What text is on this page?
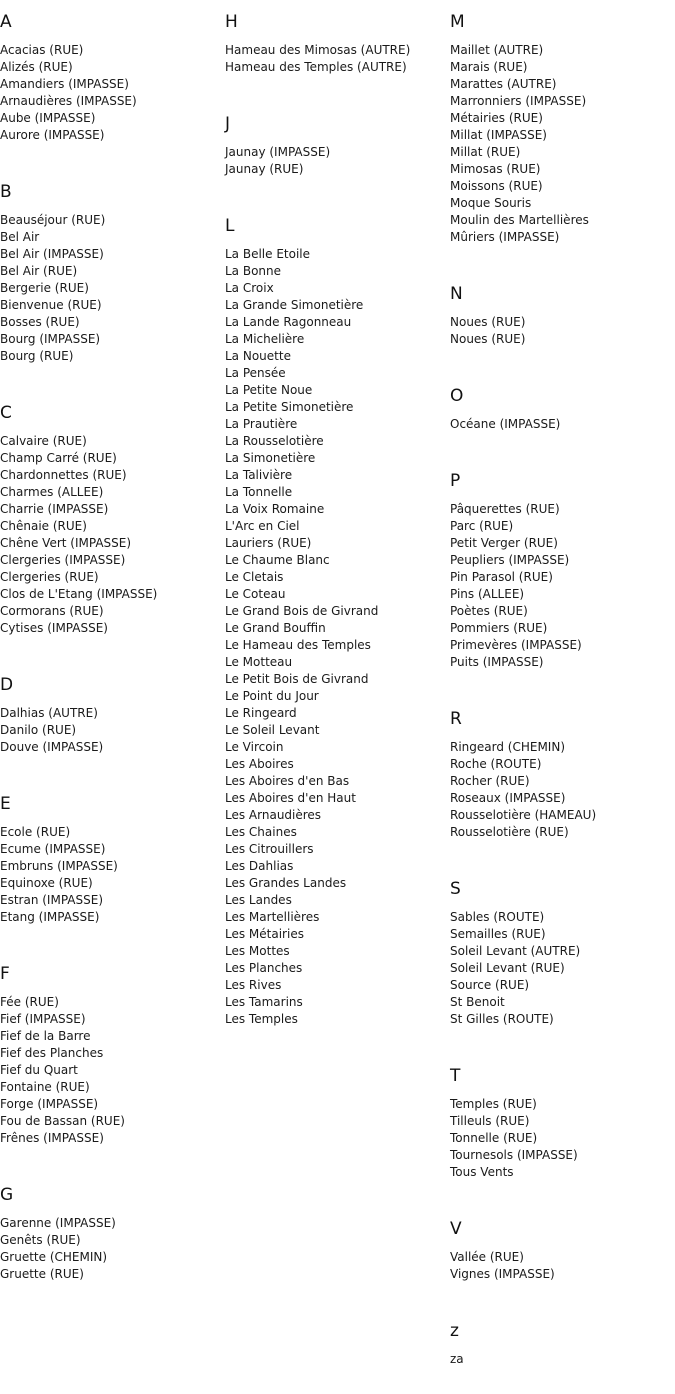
A
Acacias (RUE)
Alizés (RUE)
Amandiers (IMPASSE)
Arnaudières (IMPASSE)
Aube (IMPASSE)
Aurore (IMPASSE)
B
Beauséjour (RUE)
Bel Air
Bel Air (IMPASSE)
Bel Air (RUE)
Bergerie (RUE)
Bienvenue (RUE)
Bosses (RUE)
Bourg (IMPASSE)
Bourg (RUE)
C
Calvaire (RUE)
Champ Carré (RUE)
Chardonnettes (RUE)
Charmes (ALLEE)
Charrie (IMPASSE)
Chênaie (RUE)
Chêne Vert (IMPASSE)
Clergeries (IMPASSE)
Clergeries (RUE)
Clos de L'Etang (IMPASSE)
Cormorans (RUE)
Cytises (IMPASSE)
D
Dalhias (AUTRE)
Danilo (RUE)
Douve (IMPASSE)
E
Ecole (RUE)
Ecume (IMPASSE)
Embruns (IMPASSE)
Equinoxe (RUE)
Estran (IMPASSE)
Etang (IMPASSE)
F
Fée (RUE)
Fief (IMPASSE)
Fief de la Barre
Fief des Planches
Fief du Quart
Fontaine (RUE)
Forge (IMPASSE)
Fou de Bassan (RUE)
Frênes (IMPASSE)
G
Garenne (IMPASSE)
Genêts (RUE)
Gruette (CHEMIN)
Gruette (RUE)
H
Hameau des Mimosas (AUTRE)
Hameau des Temples (AUTRE)
J
Jaunay (IMPASSE)
Jaunay (RUE)
L
La Belle Etoile
La Bonne
La Croix
La Grande Simonetière
La Lande Ragonneau
La Michelière
La Nouette
La Pensée
La Petite Noue
La Petite Simonetière
La Prautière
La Rousselotière
La Simonetière
La Talivière
La Tonnelle
La Voix Romaine
L'Arc en Ciel
Lauriers (RUE)
Le Chaume Blanc
Le Cletais
Le Coteau
Le Grand Bois de Givrand
Le Grand Bouffin
Le Hameau des Temples
Le Motteau
Le Petit Bois de Givrand
Le Point du Jour
Le Ringeard
Le Soleil Levant
Le Vircoin
Les Aboires
Les Aboires d'en Bas
Les Aboires d'en Haut
Les Arnaudières
Les Chaines
Les Citrouillers
Les Dahlias
Les Grandes Landes
Les Landes
Les Martellières
Les Métairies
Les Mottes
Les Planches
Les Rives
Les Tamarins
Les Temples
M
Maillet (AUTRE)
Marais (RUE)
Marattes (AUTRE)
Marronniers (IMPASSE)
Métairies (RUE)
Millat (IMPASSE)
Millat (RUE)
Mimosas (RUE)
Moissons (RUE)
Moque Souris
Moulin des Martellières
Mûriers (IMPASSE)
N
Noues (RUE)
Noues (RUE)
O
Océane (IMPASSE)
P
Pâquerettes (RUE)
Parc (RUE)
Petit Verger (RUE)
Peupliers (IMPASSE)
Pin Parasol (RUE)
Pins (ALLEE)
Poètes (RUE)
Pommiers (RUE)
Primevères (IMPASSE)
Puits (IMPASSE)
R
Ringeard (CHEMIN)
Roche (ROUTE)
Rocher (RUE)
Roseaux (IMPASSE)
Rousselotière (HAMEAU)
Rousselotière (RUE)
S
Sables (ROUTE)
Semailles (RUE)
Soleil Levant (AUTRE)
Soleil Levant (RUE)
Source (RUE)
St Benoit
St Gilles (ROUTE)
T
Temples (RUE)
Tilleuls (RUE)
Tonnelle (RUE)
Tournesols (IMPASSE)
Tous Vents
V
Vallée (RUE)
Vignes (IMPASSE)
z
za
